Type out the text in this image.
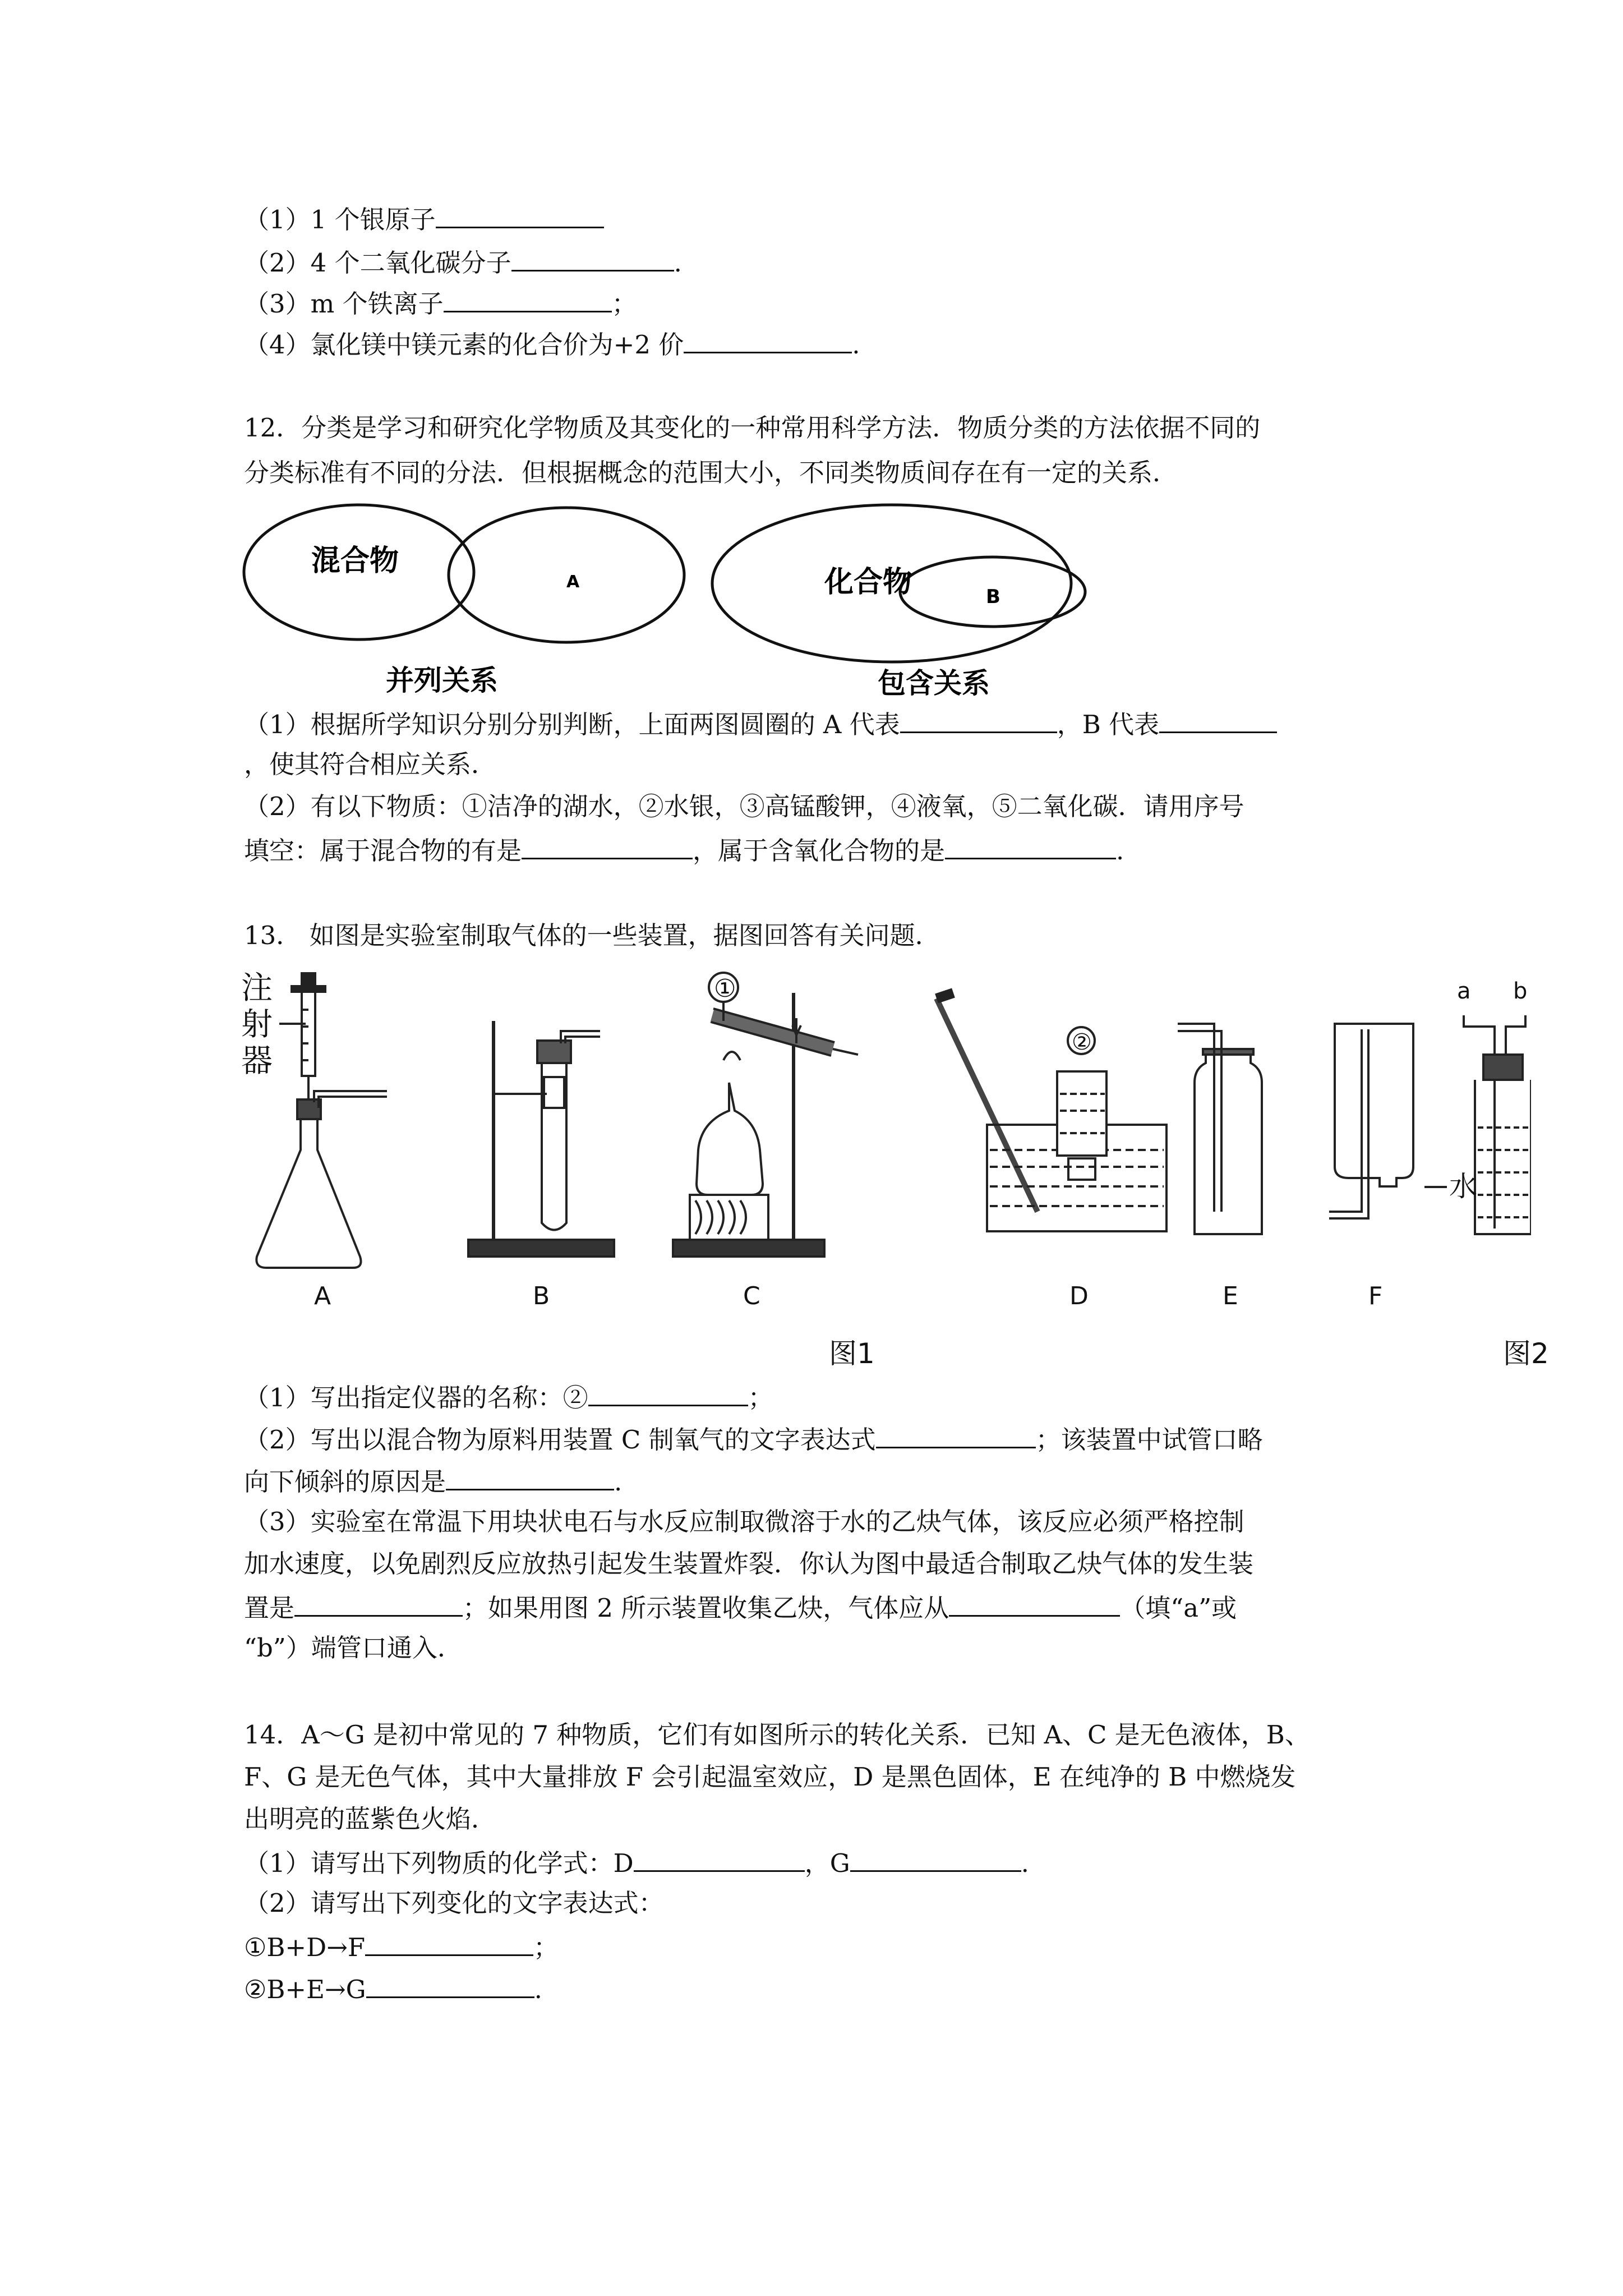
（1）1 个银原子
（2）4 个二氧化碳分子	.
（3）m 个铁离子	；
（4）氯化镁中镁元素的化合价为+2 价	.
12．分类是学习和研究化学物质及其变化的一种常用科学方法．物质分类的方法依据不同的
分类标准有不同的分法．但根据概念的范围大小，不同类物质间存在有一定的关系．
混合物
A
并列关系
化合物	B
包含关系
（1）根据所学知识分别分别判断，上面两图圆圈的 A 代表	，B 代表
，使其符合相应关系．
（2）有以下物质：①洁净的湖水，②水银，③高锰酸钾，④液氧，⑤二氧化碳．请用序号
填空：属于混合物的有是	，属于含氧化合物的是	.
13． 如图是实验室制取气体的一些装置，据图回答有关问题．
注
射
器
A	B
①
C
②
D	E	F
a b
图1
水
图2
（1）写出指定仪器的名称：②	；
（2）写出以混合物为原料用装置 C 制氧气的文字表达式	；该装置中试管口略
向下倾斜的原因是	.
（3）实验室在常温下用块状电石与水反应制取微溶于水的乙炔气体，该反应必须严格控制
加水速度，以免剧烈反应放热引起发生装置炸裂．你认为图中最适合制取乙炔气体的发生装
置是	；如果用图 2 所示装置收集乙炔，气体应从	（填“a”或
“b”）端管口通入．
14．A～G 是初中常见的 7 种物质，它们有如图所示的转化关系．已知 A、C 是无色液体，B、
F、G 是无色气体，其中大量排放 F 会引起温室效应，D 是黑色固体，E 在纯净的 B 中燃烧发
出明亮的蓝紫色火焰．
（1）请写出下列物质的化学式：D	，G	.
（2）请写出下列变化的文字表达式：
①B+D→F	；
②B+E→G	.
